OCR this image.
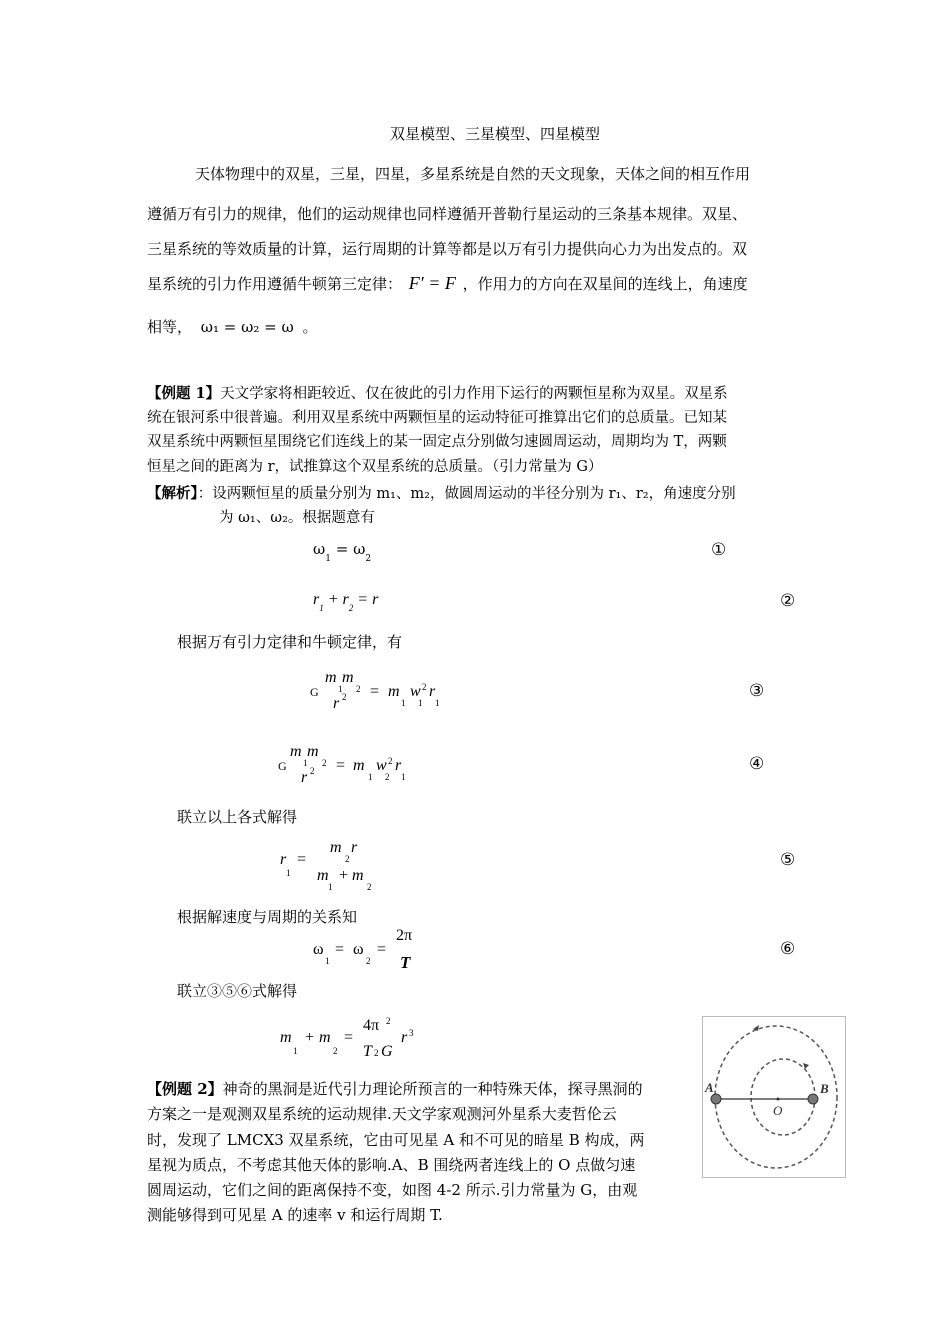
双星模型、三星模型、四星模型
天体物理中的双星，三星，四星，多星系统是自然的天文现象，天体之间的相互作用
遵循万有引力的规律，他们的运动规律也同样遵循开普勒行星运动的三条基本规律。双星、
三星系统的等效质量的计算，运行周期的计算等都是以万有引力提供向心力为出发点的。双
星系统的引力作用遵循牛顿第三定律： F′ = F ，作用力的方向在双星间的连线上，角速度
相等， ω₁ = ω₂ = ω 。
【例题 1】天文学家将相距较近、仅在彼此的引力作用下运行的两颗恒星称为双星。双星系
统在银河系中很普遍。利用双星系统中两颗恒星的运动特征可推算出它们的总质量。已知某
双星系统中两颗恒星围绕它们连线上的某一固定点分别做匀速圆周运动，周期均为 T，两颗
恒星之间的距离为 r，试推算这个双星系统的总质量。（引力常量为 G）
【解析】：设两颗恒星的质量分别为 m₁、m₂，做圆周运动的半径分别为 r₁、r₂，角速度分别
为 ω₁、ω₂。根据题意有
$\omega_1 = \omega_2$	①
$r_1 + r_2 = r$	②
根据万有引力定律和牛顿定律，有
G
m m
1 2
r 2 = m
1
w 2
1
r
1
③
G
m m
1 2
r 2 = m
1
w 2
2
r
1
④
联立以上各式解得
r
1
=
m
2
r
m
1
+ m
2
⑤
根据解速度与周期的关系知
ω
1
= ω
2
=
2π
T
⑥
联立③⑤⑥式解得
m
1
+ m
2
=
4π 2
T 2 G
r 3
【例题 2】神奇的黑洞是近代引力理论所预言的一种特殊天体，探寻黑洞的
方案之一是观测双星系统的运动规律.天文学家观测河外星系大麦哲伦云
时，发现了 LMCX3 双星系统，它由可见星 A 和不可见的暗星 B 构成，两
星视为质点，不考虑其他天体的影响.A、B 围绕两者连线上的 O 点做匀速
圆周运动，它们之间的距离保持不变，如图 4-2 所示.引力常量为 G，由观
测能够得到可见星 A 的速率 v 和运行周期 T.
A	B
O
